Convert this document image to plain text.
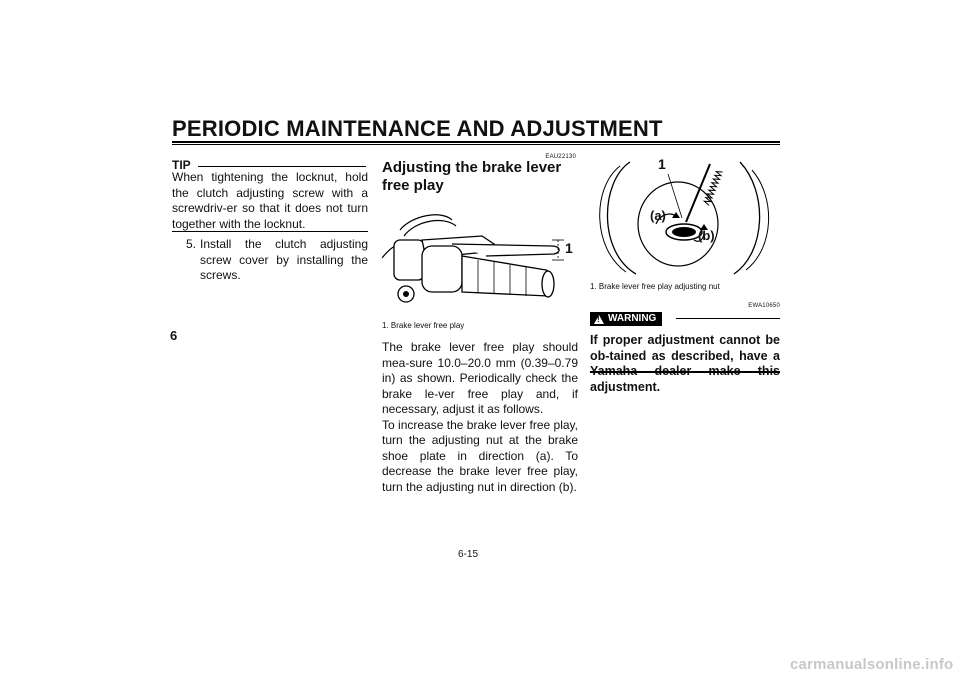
PERIODIC MAINTENANCE AND ADJUSTMENT
6
TIP
When tightening the locknut, hold the clutch adjusting screw with a screwdriv-er so that it does not turn together with the locknut.
5. Install the clutch adjusting screw cover by installing the screws.
EAU22130
Adjusting the brake lever free play
1
1. Brake lever free play
The brake lever free play should mea-sure 10.0–20.0 mm (0.39–0.79 in) as shown. Periodically check the brake le-ver free play and, if necessary, adjust it as follows.
To increase the brake lever free play, turn the adjusting nut at the brake shoe plate in direction (a). To decrease the brake lever free play, turn the adjusting nut in direction (b).
1
(a)
(b)
1. Brake lever free play adjusting nut
EWA10650
!
WARNING
If proper adjustment cannot be ob-tained as described, have a adjustment.
6-15
carmanualsonline.info
